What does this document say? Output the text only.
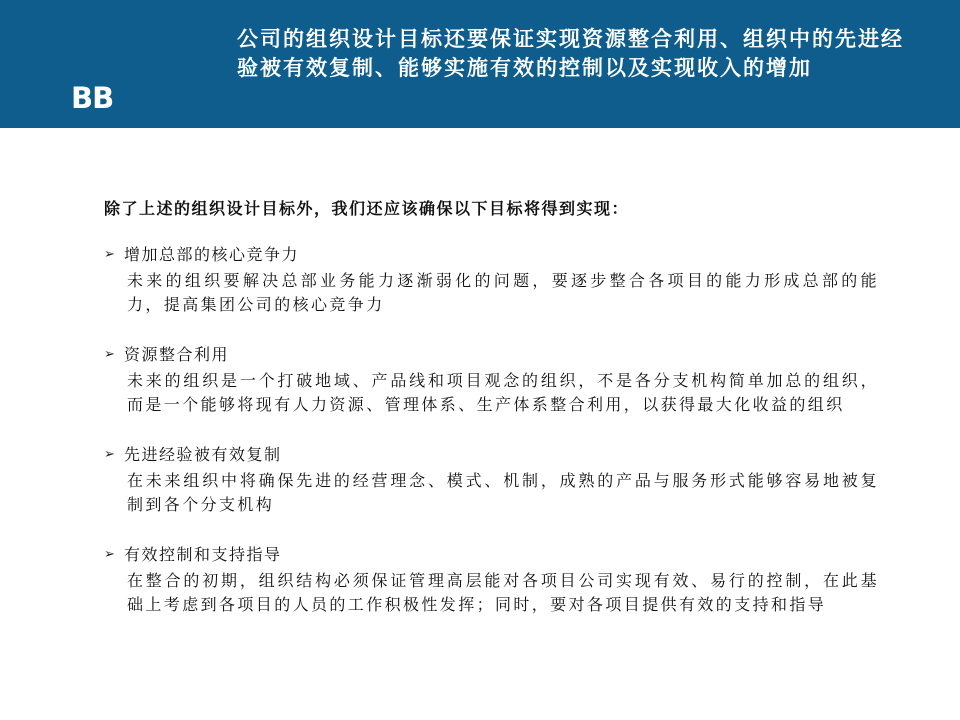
BB
公司的组织设计目标还要保证实现资源整合利用、组织中的先进经验被有效复制、能够实施有效的控制以及实现收入的增加

除了上述的组织设计目标外，我们还应该确保以下目标将得到实现：

➢ 增加总部的核心竞争力
未来的组织要解决总部业务能力逐渐弱化的问题，要逐步整合各项目的能力形成总部的能力，提高集团公司的核心竞争力
➢ 资源整合利用
未来的组织是一个打破地域、产品线和项目观念的组织，不是各分支机构简单加总的组织，而是一个能够将现有人力资源、管理体系、生产体系整合利用，以获得最大化收益的组织
➢ 先进经验被有效复制
在未来组织中将确保先进的经营理念、模式、机制，成熟的产品与服务形式能够容易地被复制到各个分支机构
➢ 有效控制和支持指导
在整合的初期，组织结构必须保证管理高层能对各项目公司实现有效、易行的控制，在此基础上考虑到各项目的人员的工作积极性发挥；同时，要对各项目提供有效的支持和指导
